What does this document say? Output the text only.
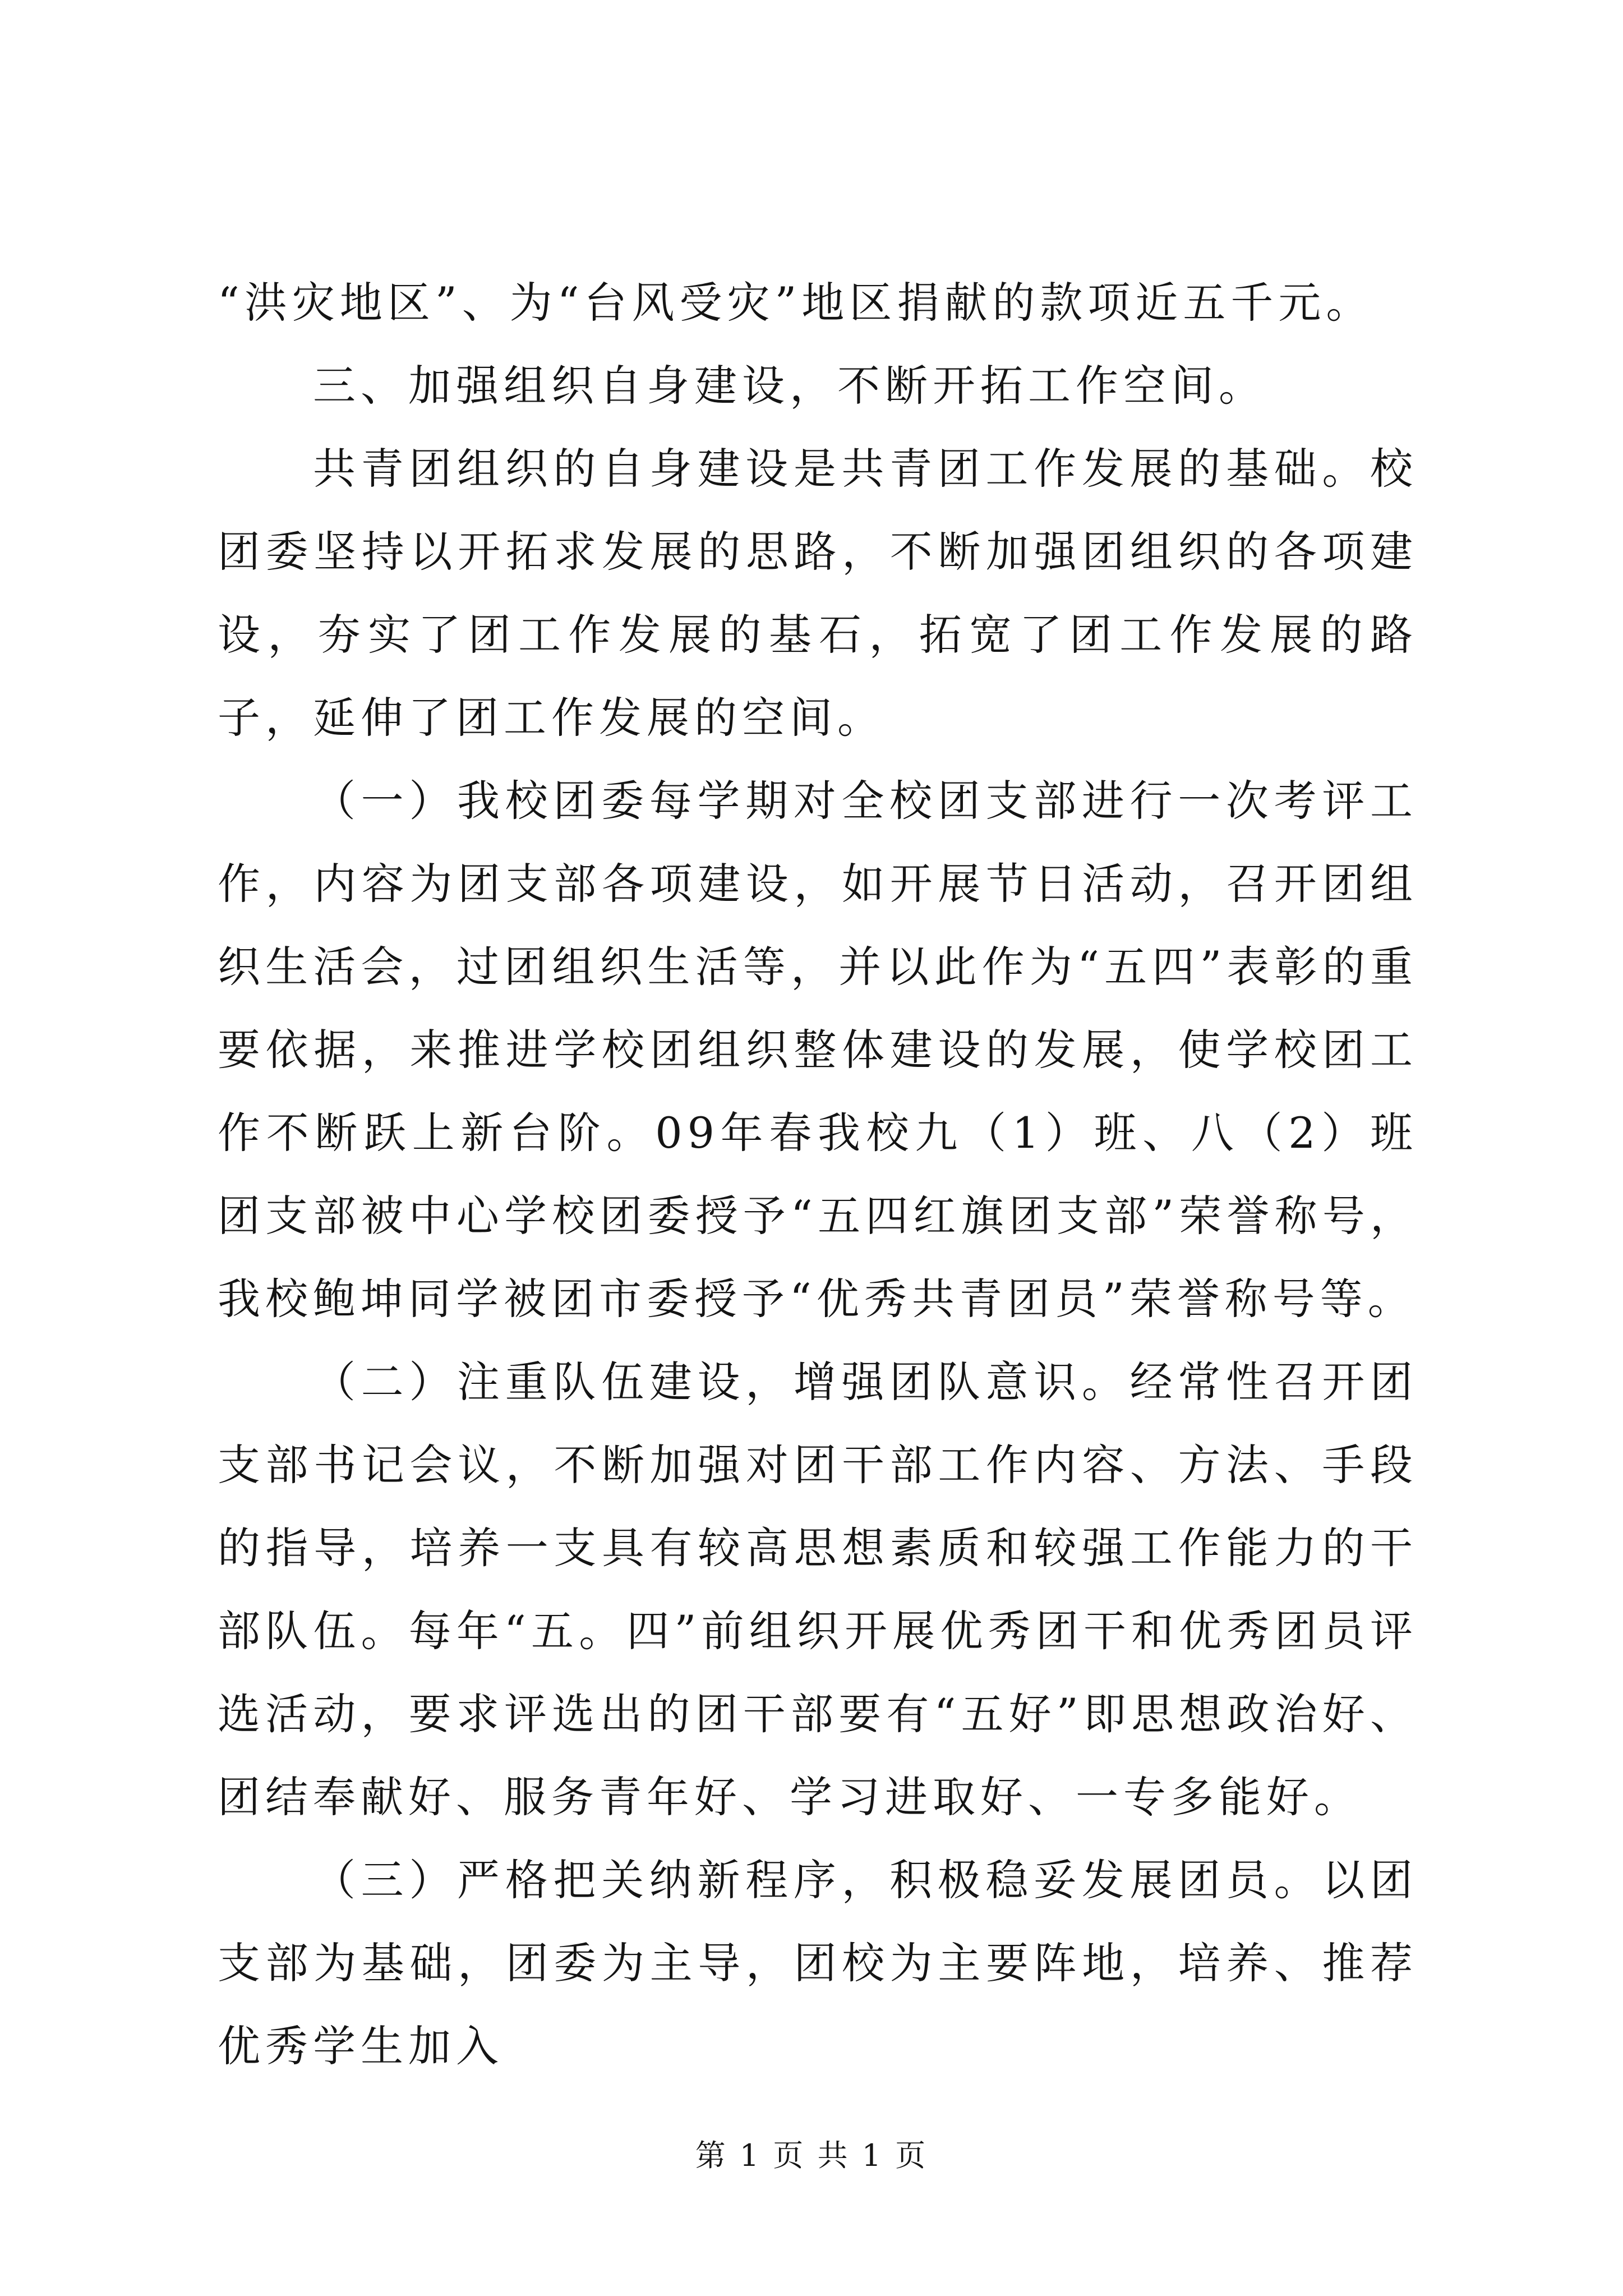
“洪灾地区”、为“台风受灾”地区捐献的款项近五千元。

三、加强组织自身建设，不断开拓工作空间。

共青团组织的自身建设是共青团工作发展的基础。校团委坚持以开拓求发展的思路，不断加强团组织的各项建设，夯实了团工作发展的基石，拓宽了团工作发展的路子，延伸了团工作发展的空间。

（一）我校团委每学期对全校团支部进行一次考评工作，内容为团支部各项建设，如开展节日活动，召开团组织生活会，过团组织生活等，并以此作为“五四”表彰的重要依据，来推进学校团组织整体建设的发展，使学校团工作不断跃上新台阶。09年春我校九（1）班、八（2）班团支部被中心学校团委授予“五四红旗团支部”荣誉称号，我校鲍坤同学被团市委授予“优秀共青团员”荣誉称号等。

（二）注重队伍建设，增强团队意识。经常性召开团支部书记会议，不断加强对团干部工作内容、方法、手段的指导，培养一支具有较高思想素质和较强工作能力的干部队伍。每年“五。四”前组织开展优秀团干和优秀团员评选活动，要求评选出的团干部要有“五好”即思想政治好、团结奉献好、服务青年好、学习进取好、一专多能好。

（三）严格把关纳新程序，积极稳妥发展团员。以团支部为基础，团委为主导，团校为主要阵地，培养、推荐优秀学生加入

第 1 页 共 1 页
